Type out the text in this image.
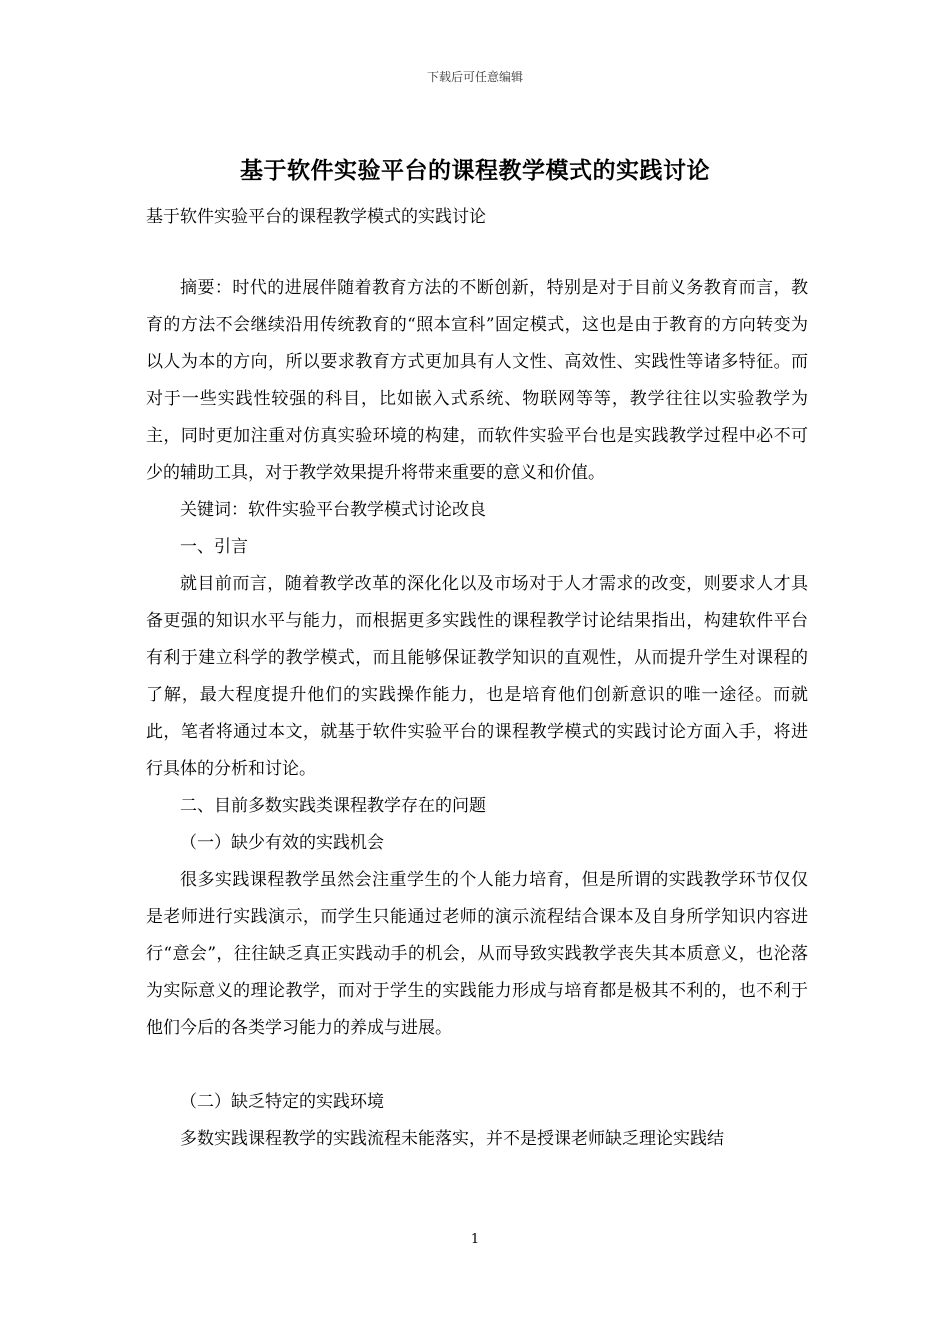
下载后可任意编辑
基于软件实验平台的课程教学模式的实践讨论
基于软件实验平台的课程教学模式的实践讨论

摘要：时代的进展伴随着教育方法的不断创新，特别是对于目前义务教育而言，教育的方法不会继续沿用传统教育的“照本宣科”固定模式，这也是由于教育的方向转变为以人为本的方向，所以要求教育方式更加具有人文性、高效性、实践性等诸多特征。而对于一些实践性较强的科目，比如嵌入式系统、物联网等等，教学往往以实验教学为主，同时更加注重对仿真实验环境的构建，而软件实验平台也是实践教学过程中必不可少的辅助工具，对于教学效果提升将带来重要的意义和价值。

关键词：软件实验平台教学模式讨论改良

一、引言

就目前而言，随着教学改革的深化化以及市场对于人才需求的改变，则要求人才具备更强的知识水平与能力，而根据更多实践性的课程教学讨论结果指出，构建软件平台有利于建立科学的教学模式，而且能够保证教学知识的直观性，从而提升学生对课程的了解，最大程度提升他们的实践操作能力，也是培育他们创新意识的唯一途径。而就此，笔者将通过本文，就基于软件实验平台的课程教学模式的实践讨论方面入手，将进行具体的分析和讨论。

二、目前多数实践类课程教学存在的问题

（一）缺少有效的实践机会

很多实践课程教学虽然会注重学生的个人能力培育，但是所谓的实践教学环节仅仅是老师进行实践演示，而学生只能通过老师的演示流程结合课本及自身所学知识内容进行“意会”，往往缺乏真正实践动手的机会，从而导致实践教学丧失其本质意义，也沦落为实际意义的理论教学，而对于学生的实践能力形成与培育都是极其不利的，也不利于他们今后的各类学习能力的养成与进展。

（二）缺乏特定的实践环境

多数实践课程教学的实践流程未能落实，并不是授课老师缺乏理论实践结

1
